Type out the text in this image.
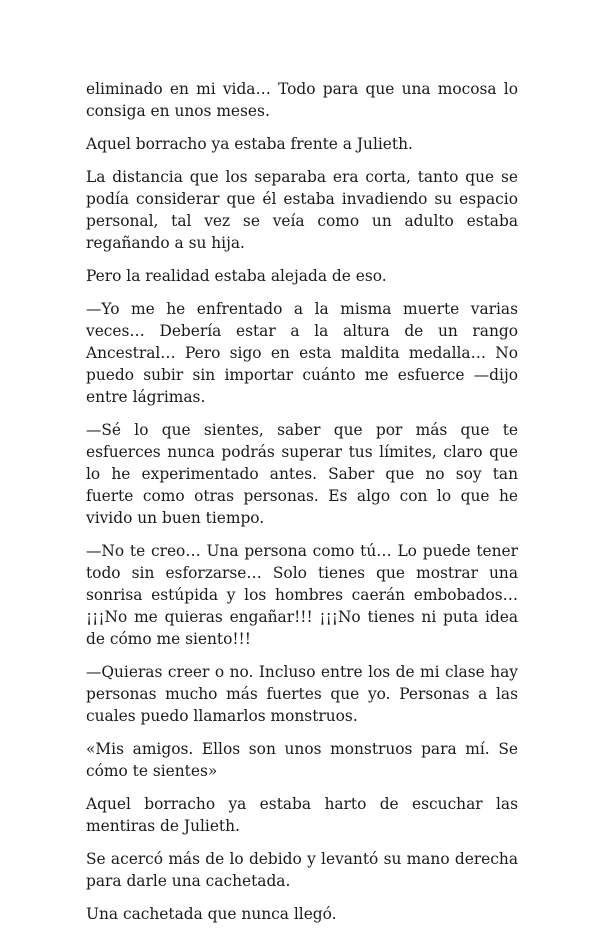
eliminado en mi vida… Todo para que una mocosa lo consiga en unos meses.

Aquel borracho ya estaba frente a Julieth.

La distancia que los separaba era corta, tanto que se podía considerar que él estaba invadiendo su espacio personal, tal vez se veía como un adulto estaba regañando a su hija.

Pero la realidad estaba alejada de eso.

—Yo me he enfrentado a la misma muerte varias veces… Debería estar a la altura de un rango Ancestral… Pero sigo en esta maldita medalla… No puedo subir sin importar cuánto me esfuerce —dijo entre lágrimas.

—Sé lo que sientes, saber que por más que te esfuerces nunca podrás superar tus límites, claro que lo he experimentado antes. Saber que no soy tan fuerte como otras personas. Es algo con lo que he vivido un buen tiempo.

—No te creo… Una persona como tú… Lo puede tener todo sin esforzarse… Solo tienes que mostrar una sonrisa estúpida y los hombres caerán embobados… ¡¡¡No me quieras engañar!!! ¡¡¡No tienes ni puta idea de cómo me siento!!!

—Quieras creer o no. Incluso entre los de mi clase hay personas mucho más fuertes que yo. Personas a las cuales puedo llamarlos monstruos.

«Mis amigos. Ellos son unos monstruos para mí. Se cómo te sientes»

Aquel borracho ya estaba harto de escuchar las mentiras de Julieth.

Se acercó más de lo debido y levantó su mano derecha para darle una cachetada.

Una cachetada que nunca llegó.
